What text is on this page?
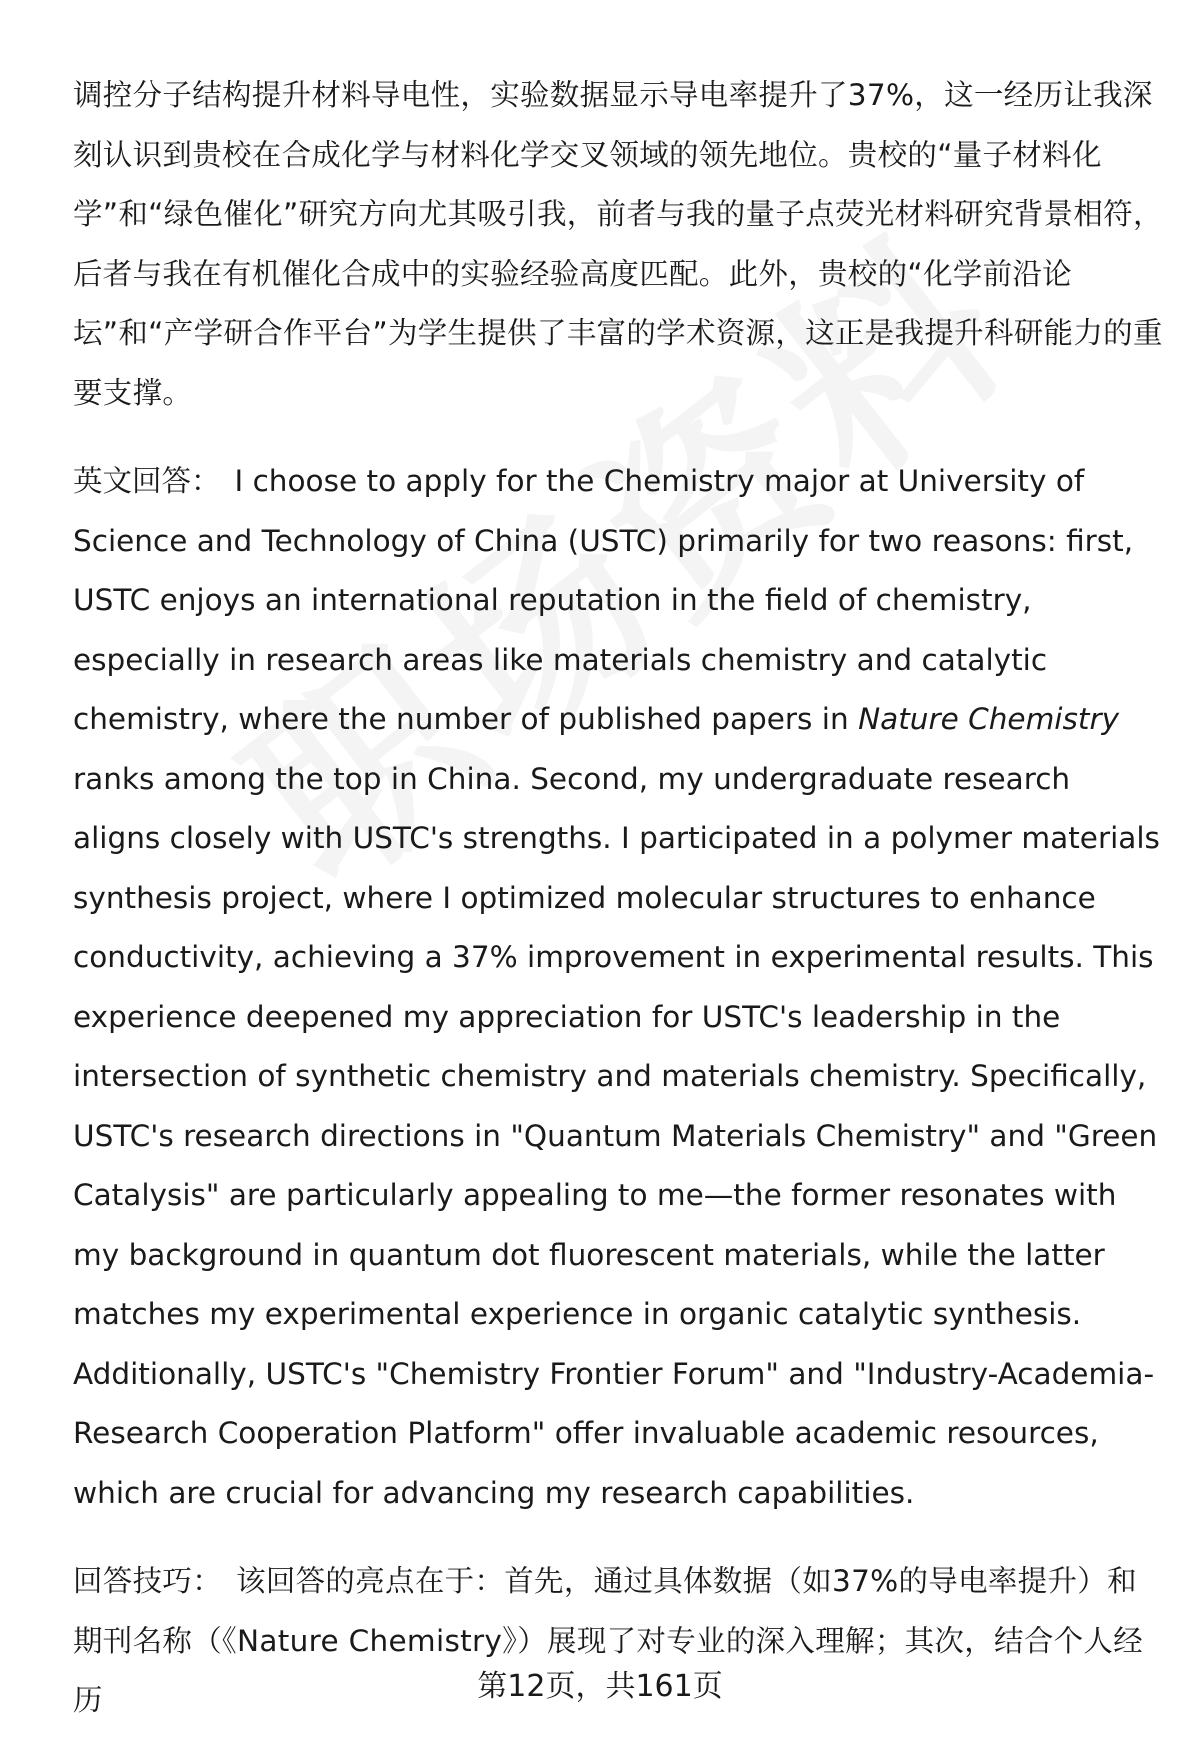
调控分子结构提升材料导电性，实验数据显示导电率提升了37%，这一经历让我深刻认识到贵校在合成化学与材料化学交叉领域的领先地位。贵校的“量子材料化学”和“绿色催化”研究方向尤其吸引我，前者与我的量子点荧光材料研究背景相符，后者与我在有机催化合成中的实验经验高度匹配。此外，贵校的“化学前沿论坛”和“产学研合作平台”为学生提供了丰富的学术资源，这正是我提升科研能力的重要支撑。

英文回答： I choose to apply for the Chemistry major at University of Science and Technology of China (USTC) primarily for two reasons: first, USTC enjoys an international reputation in the field of chemistry, especially in research areas like materials chemistry and catalytic chemistry, where the number of published papers in Nature Chemistry ranks among the top in China. Second, my undergraduate research aligns closely with USTC's strengths. I participated in a polymer materials synthesis project, where I optimized molecular structures to enhance conductivity, achieving a 37% improvement in experimental results. This experience deepened my appreciation for USTC's leadership in the intersection of synthetic chemistry and materials chemistry. Specifically, USTC's research directions in "Quantum Materials Chemistry" and "Green Catalysis" are particularly appealing to me—the former resonates with my background in quantum dot fluorescent materials, while the latter matches my experimental experience in organic catalytic synthesis. Additionally, USTC's "Chemistry Frontier Forum" and "Industry-Academia-Research Cooperation Platform" offer invaluable academic resources, which are crucial for advancing my research capabilities.

回答技巧： 该回答的亮点在于：首先，通过具体数据（如37%的导电率提升）和期刊名称（《Nature Chemistry》）展现了对专业的深入理解；其次，结合个人经历	第12页，共161页
